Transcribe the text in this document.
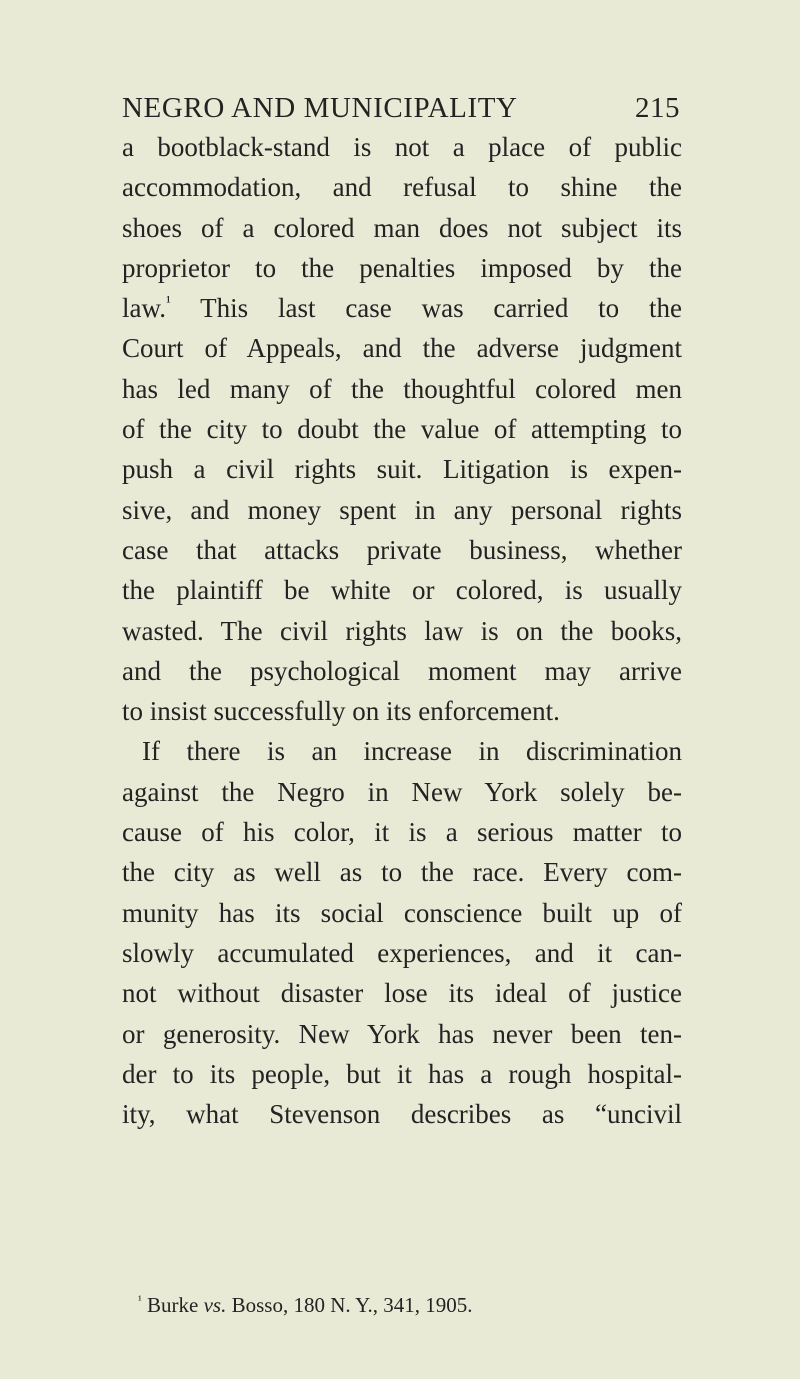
NEGRO AND MUNICIPALITY	215
a bootblack-stand is not a place of public
accommodation, and refusal to shine the
shoes of a colored man does not subject its
proprietor to the penalties imposed by the
law.$^{^1}$ This last case was carried to the
Court of Appeals, and the adverse judgment
has led many of the thoughtful colored men
of the city to doubt the value of attempting to
push a civil rights suit. Litigation is expen-
sive, and money spent in any personal rights
case that attacks private business, whether
the plaintiff be white or colored, is usually
wasted. The civil rights law is on the books,
and the psychological moment may arrive
to insist successfully on its enforcement.
If there is an increase in discrimination
against the Negro in New York solely be-
cause of his color, it is a serious matter to
the city as well as to the race. Every com-
munity has its social conscience built up of
slowly accumulated experiences, and it can-
not without disaster lose its ideal of justice
or generosity. New York has never been ten-
der to its people, but it has a rough hospital-
ity, what Stevenson describes as “uncivil
$^{^1}$ Burke vs. Bosso, 180 N. Y., 341, 1905.
